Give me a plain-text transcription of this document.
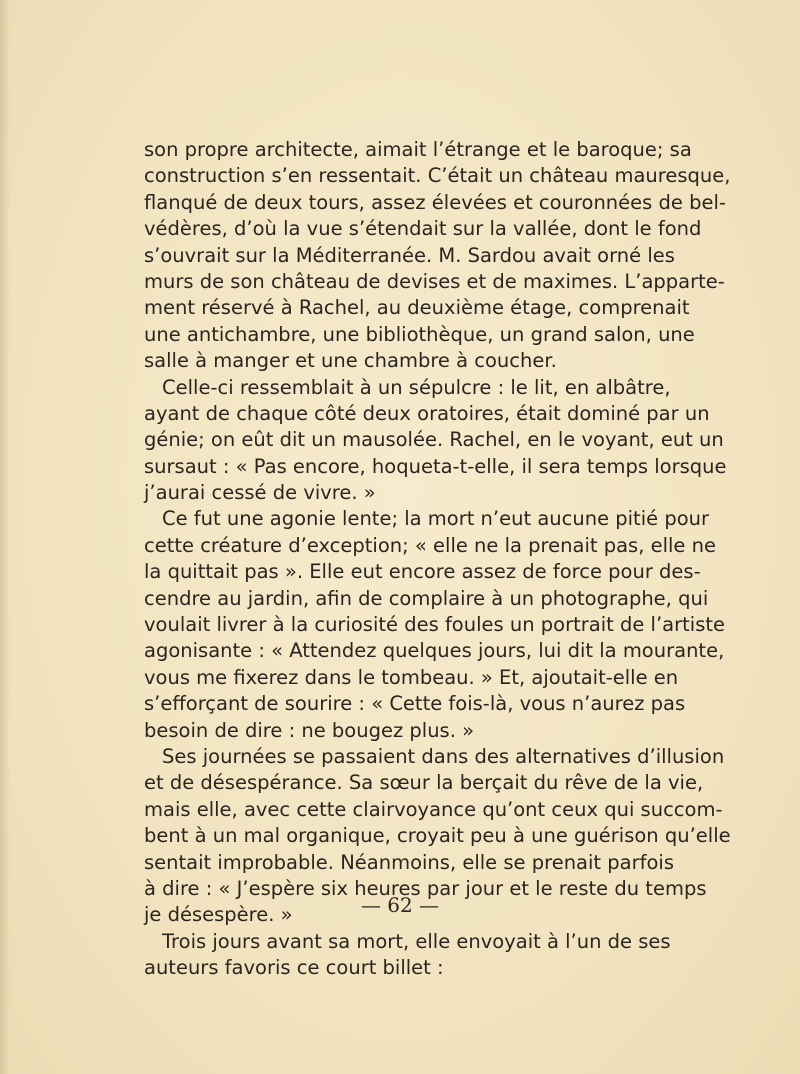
son propre architecte, aimait l’étrange et le baroque; sa
construction s’en ressentait. C’était un château mauresque,
flanqué de deux tours, assez élevées et couronnées de bel-
védères, d’où la vue s’étendait sur la vallée, dont le fond
s’ouvrait sur la Méditerranée. M. Sardou avait orné les
murs de son château de devises et de maximes. L’apparte-
ment réservé à Rachel, au deuxième étage, comprenait
une antichambre, une bibliothèque, un grand salon, une
salle à manger et une chambre à coucher.
Celle-ci ressemblait à un sépulcre : le lit, en albâtre,
ayant de chaque côté deux oratoires, était dominé par un
génie; on eût dit un mausolée. Rachel, en le voyant, eut un
sursaut : « Pas encore, hoqueta-t-elle, il sera temps lorsque
j’aurai cessé de vivre. »
Ce fut une agonie lente; la mort n’eut aucune pitié pour
cette créature d’exception; « elle ne la prenait pas, elle ne
la quittait pas ». Elle eut encore assez de force pour des-
cendre au jardin, afin de complaire à un photographe, qui
voulait livrer à la curiosité des foules un portrait de l’artiste
agonisante : « Attendez quelques jours, lui dit la mourante,
vous me fixerez dans le tombeau. » Et, ajoutait-elle en
s’efforçant de sourire : « Cette fois-là, vous n’aurez pas
besoin de dire : ne bougez plus. »
Ses journées se passaient dans des alternatives d’illusion
et de désespérance. Sa sœur la berçait du rêve de la vie,
mais elle, avec cette clairvoyance qu’ont ceux qui succom-
bent à un mal organique, croyait peu à une guérison qu’elle
sentait improbable. Néanmoins, elle se prenait parfois
à dire : « J’espère six heures par jour et le reste du temps
je désespère. »
Trois jours avant sa mort, elle envoyait à l’un de ses
auteurs favoris ce court billet :
— 62 —
